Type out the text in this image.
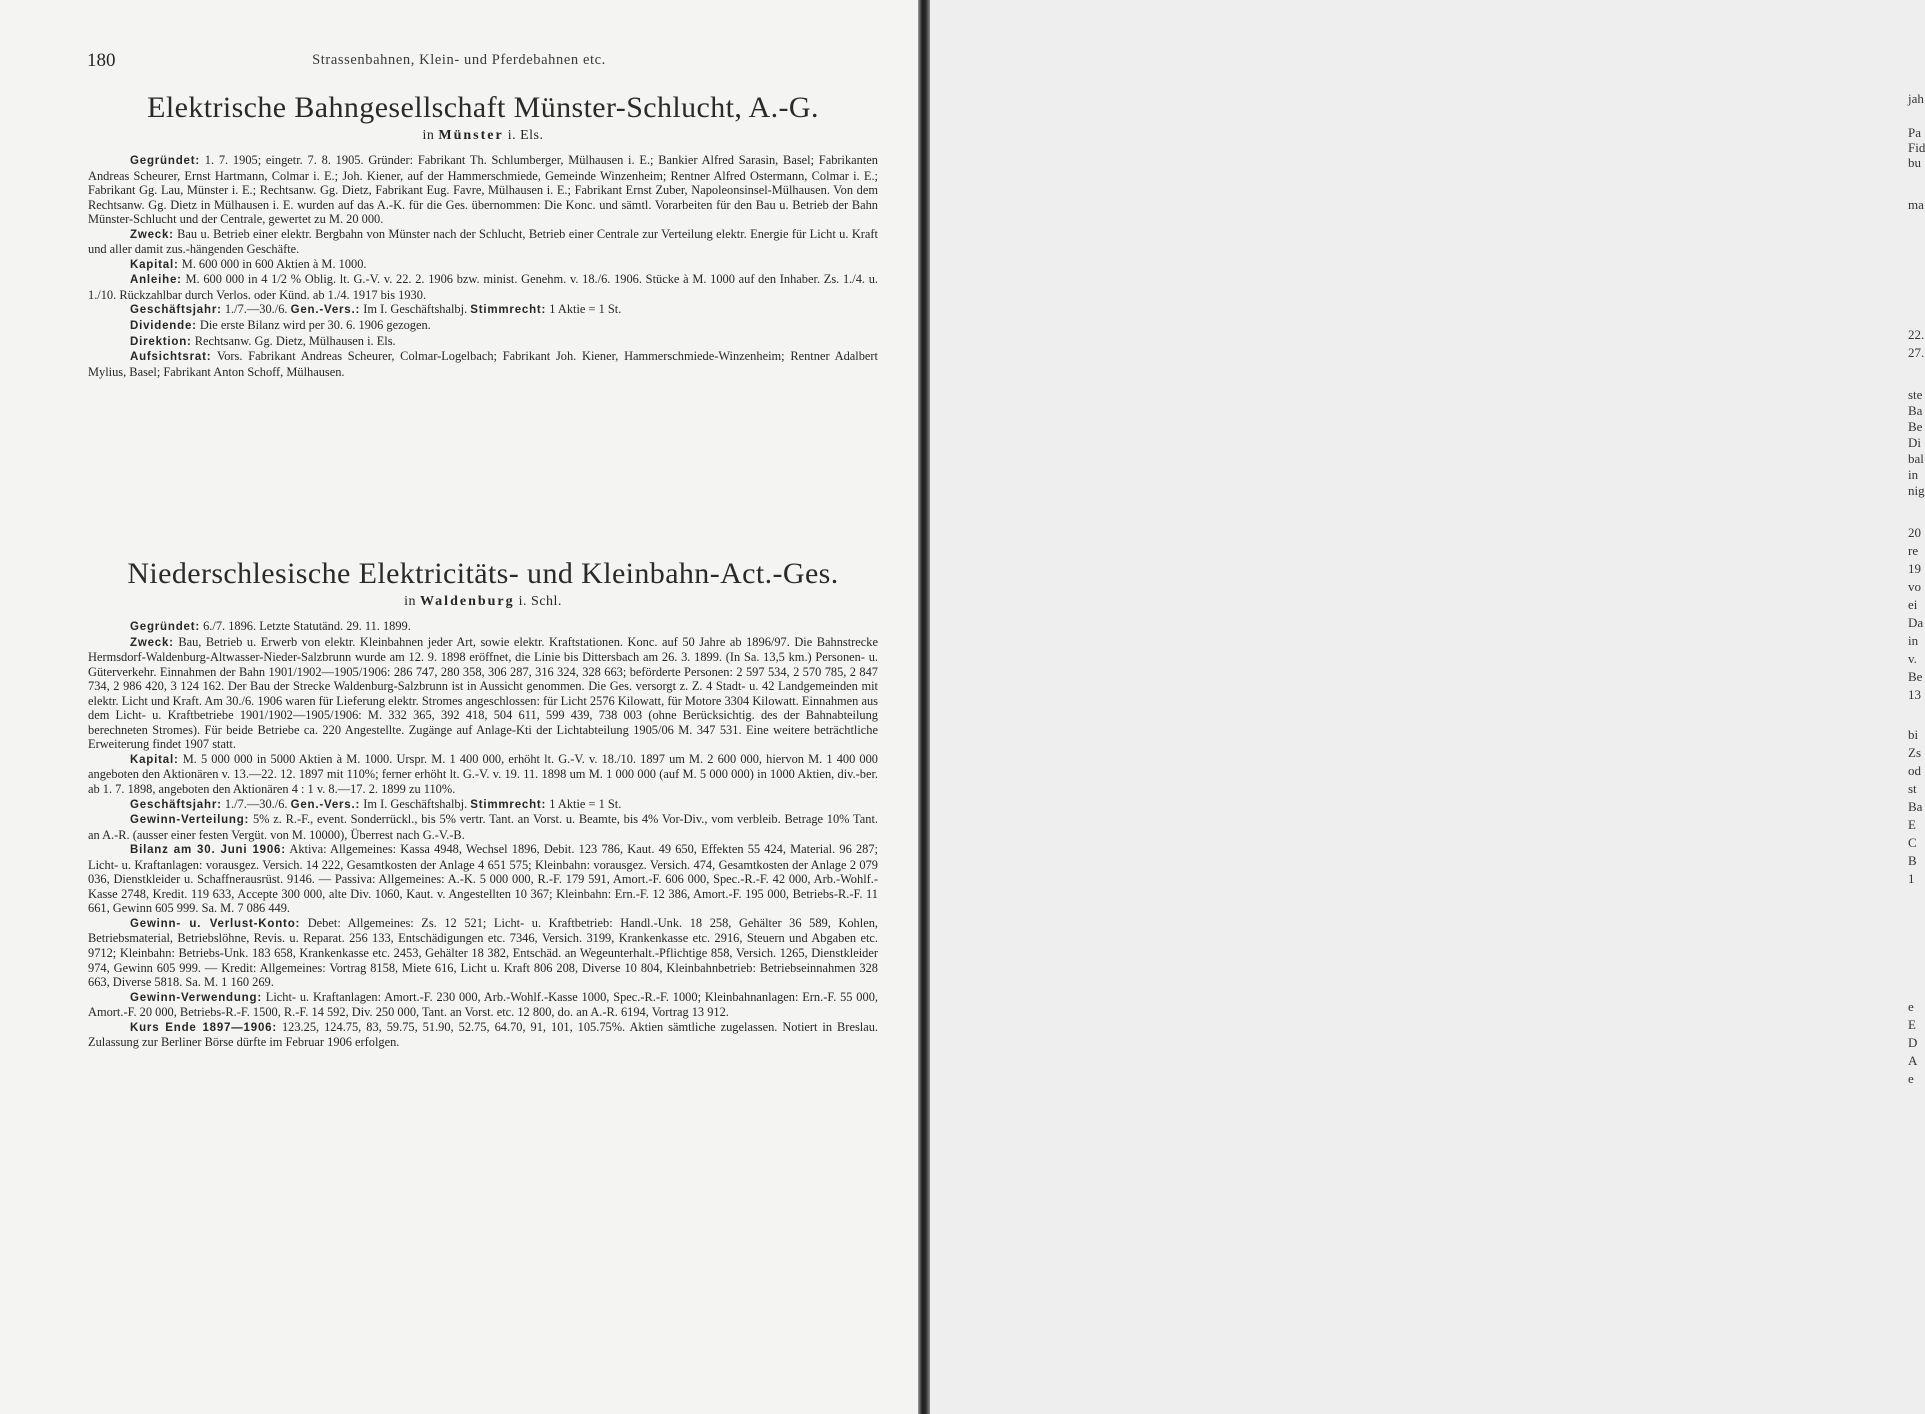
180	Strassenbahnen, Klein- und Pferdebahnen etc.
Elektrische Bahngesellschaft Münster-Schlucht, A.-G.
in Münster i. Els.

Gegründet: 1. 7. 1905; eingetr. 7. 8. 1905. Gründer: Fabrikant Th. Schlumberger, Mülhausen i. E.; Bankier Alfred Sarasin, Basel; Fabrikanten Andreas Scheurer, Ernst Hartmann, Colmar i. E.; Joh. Kiener, auf der Hammerschmiede, Gemeinde Winzenheim; Rentner Alfred Ostermann, Colmar i. E.; Fabrikant Gg. Lau, Münster i. E.; Rechtsanw. Gg. Dietz, Fabrikant Eug. Favre, Mülhausen i. E.; Fabrikant Ernst Zuber, Napoleonsinsel-Mülhausen. Von dem Rechtsanw. Gg. Dietz in Mülhausen i. E. wurden auf das A.-K. für die Ges. übernommen: Die Konc. und sämtl. Vorarbeiten für den Bau u. Betrieb der Bahn Münster-Schlucht und der Centrale, gewertet zu M. 20 000.

Zweck: Bau u. Betrieb einer elektr. Bergbahn von Münster nach der Schlucht, Betrieb einer Centrale zur Verteilung elektr. Energie für Licht u. Kraft und aller damit zus.-hängenden Geschäfte.

Kapital: M. 600 000 in 600 Aktien à M. 1000.

Anleihe: M. 600 000 in 4 1/2 % Oblig. lt. G.-V. v. 22. 2. 1906 bzw. minist. Genehm. v. 18./6. 1906. Stücke à M. 1000 auf den Inhaber. Zs. 1./4. u. 1./10. Rückzahlbar durch Verlos. oder Künd. ab 1./4. 1917 bis 1930.

Geschäftsjahr: 1./7.—30./6. Gen.-Vers.: Im I. Geschäftshalbj. Stimmrecht: 1 Aktie = 1 St.

Dividende: Die erste Bilanz wird per 30. 6. 1906 gezogen.

Direktion: Rechtsanw. Gg. Dietz, Mülhausen i. Els.

Aufsichtsrat: Vors. Fabrikant Andreas Scheurer, Colmar-Logelbach; Fabrikant Joh. Kiener, Hammerschmiede-Winzenheim; Rentner Adalbert Mylius, Basel; Fabrikant Anton Schoff, Mülhausen.

Niederschlesische Elektricitäts- und Kleinbahn-Act.-Ges.
in Waldenburg i. Schl.

Gegründet: 6./7. 1896. Letzte Statutänd. 29. 11. 1899.

Zweck: Bau, Betrieb u. Erwerb von elektr. Kleinbahnen jeder Art, sowie elektr. Kraftstationen. Konc. auf 50 Jahre ab 1896/97. Die Bahnstrecke Hermsdorf-Waldenburg-Altwasser-Nieder-Salzbrunn wurde am 12. 9. 1898 eröffnet, die Linie bis Dittersbach am 26. 3. 1899. (In Sa. 13,5 km.) Personen- u. Güterverkehr. Einnahmen der Bahn 1901/1902—1905/1906: 286 747, 280 358, 306 287, 316 324, 328 663; beförderte Personen: 2 597 534, 2 570 785, 2 847 734, 2 986 420, 3 124 162. Der Bau der Strecke Waldenburg-Salzbrunn ist in Aussicht genommen. Die Ges. versorgt z. Z. 4 Stadt- u. 42 Landgemeinden mit elektr. Licht und Kraft. Am 30./6. 1906 waren für Lieferung elektr. Stromes angeschlossen: für Licht 2576 Kilowatt, für Motore 3304 Kilowatt. Einnahmen aus dem Licht- u. Kraftbetriebe 1901/1902—1905/1906: M. 332 365, 392 418, 504 611, 599 439, 738 003 (ohne Berücksichtig. des der Bahnabteilung berechneten Stromes). Für beide Betriebe ca. 220 Angestellte. Zugänge auf Anlage-Kti der Lichtabteilung 1905/06 M. 347 531. Eine weitere beträchtliche Erweiterung findet 1907 statt.

Kapital: M. 5 000 000 in 5000 Aktien à M. 1000. Urspr. M. 1 400 000, erhöht lt. G.-V. v. 18./10. 1897 um M. 2 600 000, hiervon M. 1 400 000 angeboten den Aktionären v. 13.—22. 12. 1897 mit 110%; ferner erhöht lt. G.-V. v. 19. 11. 1898 um M. 1 000 000 (auf M. 5 000 000) in 1000 Aktien, div.-ber. ab 1. 7. 1898, angeboten den Aktionären 4 : 1 v. 8.—17. 2. 1899 zu 110%.

Geschäftsjahr: 1./7.—30./6. Gen.-Vers.: Im I. Geschäftshalbj. Stimmrecht: 1 Aktie = 1 St.

Gewinn-Verteilung: 5% z. R.-F., event. Sonderrückl., bis 5% vertr. Tant. an Vorst. u. Beamte, bis 4% Vor-Div., vom verbleib. Betrage 10% Tant. an A.-R. (ausser einer festen Vergüt. von M. 10000), Überrest nach G.-V.-B.

Bilanz am 30. Juni 1906: Aktiva: Allgemeines: Kassa 4948, Wechsel 1896, Debit. 123 786, Kaut. 49 650, Effekten 55 424, Material. 96 287; Licht- u. Kraftanlagen: vorausgez. Versich. 14 222, Gesamtkosten der Anlage 4 651 575; Kleinbahn: vorausgez. Versich. 474, Gesamtkosten der Anlage 2 079 036, Dienstkleider u. Schaffnerausrüst. 9146. — Passiva: Allgemeines: A.-K. 5 000 000, R.-F. 179 591, Amort.-F. 606 000, Spec.-R.-F. 42 000, Arb.-Wohlf.-Kasse 2748, Kredit. 119 633, Accepte 300 000, alte Div. 1060, Kaut. v. Angestellten 10 367; Kleinbahn: Ern.-F. 12 386, Amort.-F. 195 000, Betriebs-R.-F. 11 661, Gewinn 605 999. Sa. M. 7 086 449.

Gewinn- u. Verlust-Konto: Debet: Allgemeines: Zs. 12 521; Licht- u. Kraftbetrieb: Handl.-Unk. 18 258, Gehälter 36 589, Kohlen, Betriebsmaterial, Betriebslöhne, Revis. u. Reparat. 256 133, Entschädigungen etc. 7346, Versich. 3199, Krankenkasse etc. 2916, Steuern und Abgaben etc. 9712; Kleinbahn: Betriebs-Unk. 183 658, Krankenkasse etc. 2453, Gehälter 18 382, Entschäd. an Wegeunterhalt.-Pflichtige 858, Versich. 1265, Dienstkleider 974, Gewinn 605 999. — Kredit: Allgemeines: Vortrag 8158, Miete 616, Licht u. Kraft 806 208, Diverse 10 804, Kleinbahnbetrieb: Betriebseinnahmen 328 663, Diverse 5818. Sa. M. 1 160 269.

Gewinn-Verwendung: Licht- u. Kraftanlagen: Amort.-F. 230 000, Arb.-Wohlf.-Kasse 1000, Spec.-R.-F. 1000; Kleinbahnanlagen: Ern.-F. 55 000, Amort.-F. 20 000, Betriebs-R.-F. 1500, R.-F. 14 592, Div. 250 000, Tant. an Vorst. etc. 12 800, do. an A.-R. 6194, Vortrag 13 912.

Kurs Ende 1897—1906: 123.25, 124.75, 83, 59.75, 51.90, 52.75, 64.70, 91, 101, 105.75%. Aktien sämtliche zugelassen. Notiert in Breslau. Zulassung zur Berliner Börse dürfte im Februar 1906 erfolgen.

jah
Pa
Fid
bu
ma
22.
27.
ste
Ba
Be
Di
bal
in
nig
20
re
19
vo
ei
Da
in
v.
Be
13
bi
Zs
od
st
Ba
E
C
B
1
e
E
D
A
e
